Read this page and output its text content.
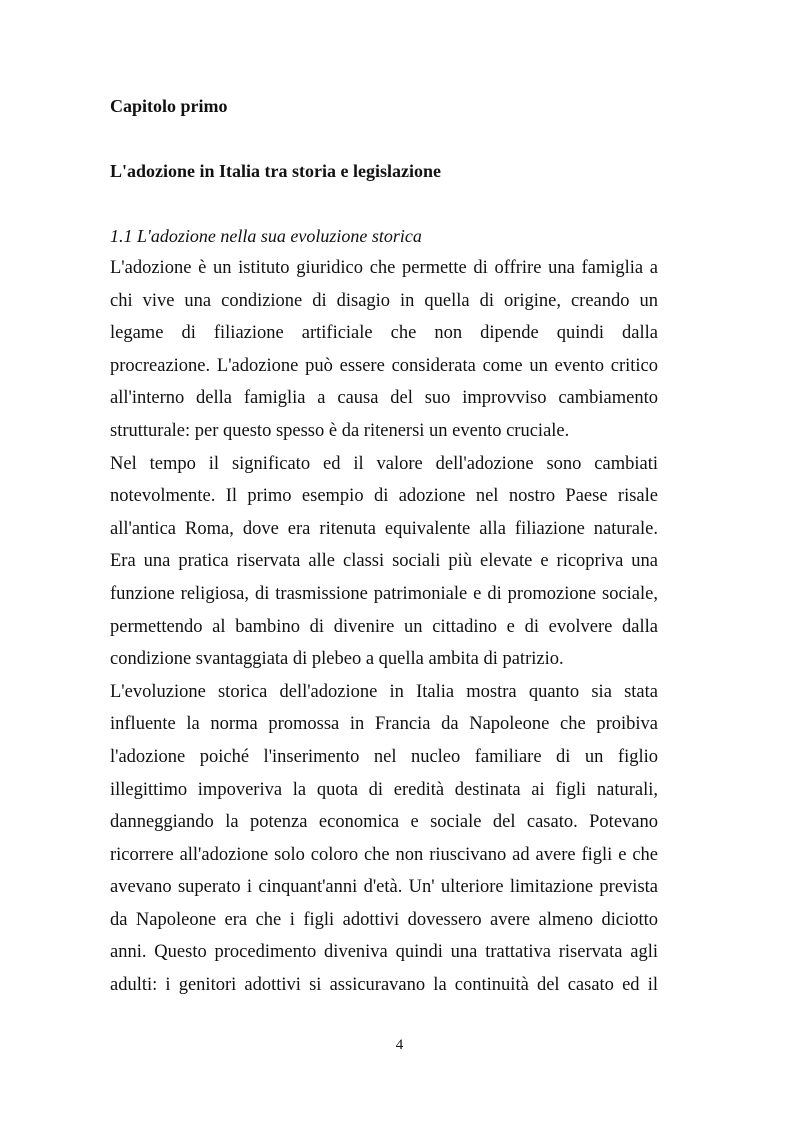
Capitolo primo
L'adozione in Italia tra storia e legislazione
1.1 L'adozione nella sua evoluzione storica
L'adozione è un istituto giuridico che permette di offrire una famiglia a
chi vive una condizione di disagio in quella di origine, creando un
legame di filiazione artificiale che non dipende quindi dalla
procreazione. L'adozione può essere considerata come un evento critico
all'interno della famiglia a causa del suo improvviso cambiamento
strutturale: per questo spesso è da ritenersi un evento cruciale.
Nel tempo il significato ed il valore dell'adozione sono cambiati
notevolmente. Il primo esempio di adozione nel nostro Paese risale
all'antica Roma, dove era ritenuta equivalente alla filiazione naturale.
Era una pratica riservata alle classi sociali più elevate e ricopriva una
funzione religiosa, di trasmissione patrimoniale e di promozione sociale,
permettendo al bambino di divenire un cittadino e di evolvere dalla
condizione svantaggiata di plebeo a quella ambita di patrizio.
L'evoluzione storica dell'adozione in Italia mostra quanto sia stata
influente la norma promossa in Francia da Napoleone che proibiva
l'adozione poiché l'inserimento nel nucleo familiare di un figlio
illegittimo impoveriva la quota di eredità destinata ai figli naturali,
danneggiando la potenza economica e sociale del casato. Potevano
ricorrere all'adozione solo coloro che non riuscivano ad avere figli e che
avevano superato i cinquant'anni d'età. Un' ulteriore limitazione prevista
da Napoleone era che i figli adottivi dovessero avere almeno diciotto
anni. Questo procedimento diveniva quindi una trattativa riservata agli
adulti: i genitori adottivi si assicuravano la continuità del casato ed il
4
